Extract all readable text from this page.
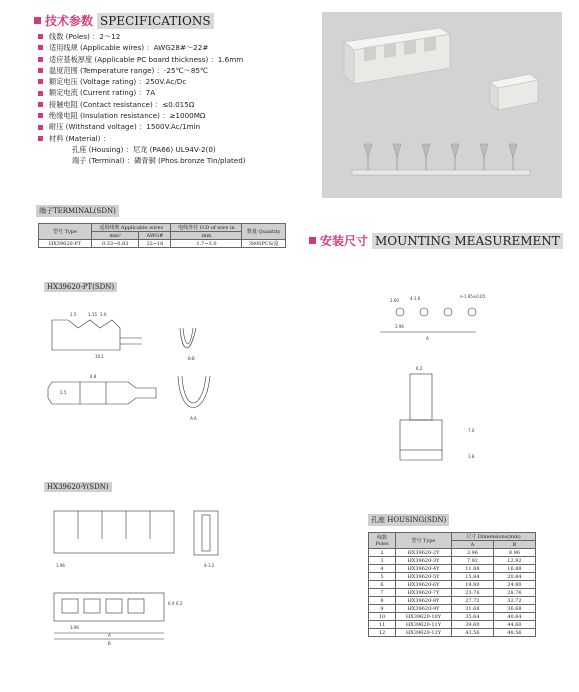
技术参数 SPECIFICATIONS
线数 (Poles) ：2～12
适用线规 (Applicable wires) ：AWG28#～22#
适应基板厚度 (Applicable PC board thickness) ：1.6mm
温度范围 (Temperature range) ：-25℃～85℃
额定电压 (Voltage rating) ：250V.Ac/Dc
额定电流 (Current rating) ：7A
接触电阻 (Contact resistance) ：≤0.015Ω
绝缘电阻 (Insulation resistance) ：≥1000MΩ
耐压 (Withstand voltage) ：1500V.Ac/1min
材料 (Material) ：
孔座 (Housing) ：尼龙 (PA66) UL94V-2(0)
端子 (Terminal) ：磷青铜 (Phos.bronze Tin/plated)
端子TERMINAL(SDN)
型号 Type	适用线规 Applicable wires		电线外径 O.D of wire in	数量 Quantity
	mm²	AWG#	mm	
HX39620-PT	0.33~0.83	22~18	1.7~3.0	3800PCS/盒
HX39620-PT(SDN)
1.5	1.15 2.0
10.1
4.8
2.5
B-B
A-A
HX39620-Y(SDN)
1.96	4-1.2
3.96
A
B
6.4 6.2
安装尺寸 MOUNTING MEASUREMENT
1.60	4-1.6
3.96
A
n-1.95±0.05
6.2
7.0
3.8
孔座 HOUSING(SDN)
线数 Poles	型号 Type	尺寸 Dimensions(mm)	
		A	B
2	HX39620-2Y	3.96	8.96
3	HX39620-3Y	7.92	12.92
4	HX39620-4Y	11.88	16.88
5	HX39620-5Y	15.84	20.84
6	HX39620-6Y	19.80	24.80
7	HX39620-7Y	23.76	28.76
8	HX39620-8Y	27.72	32.72
9	HX39620-9Y	31.68	36.68
10	HX39620-10Y	35.64	40.64
11	HX39620-11Y	39.60	44.60
12	HX39620-12Y	43.56	48.56
